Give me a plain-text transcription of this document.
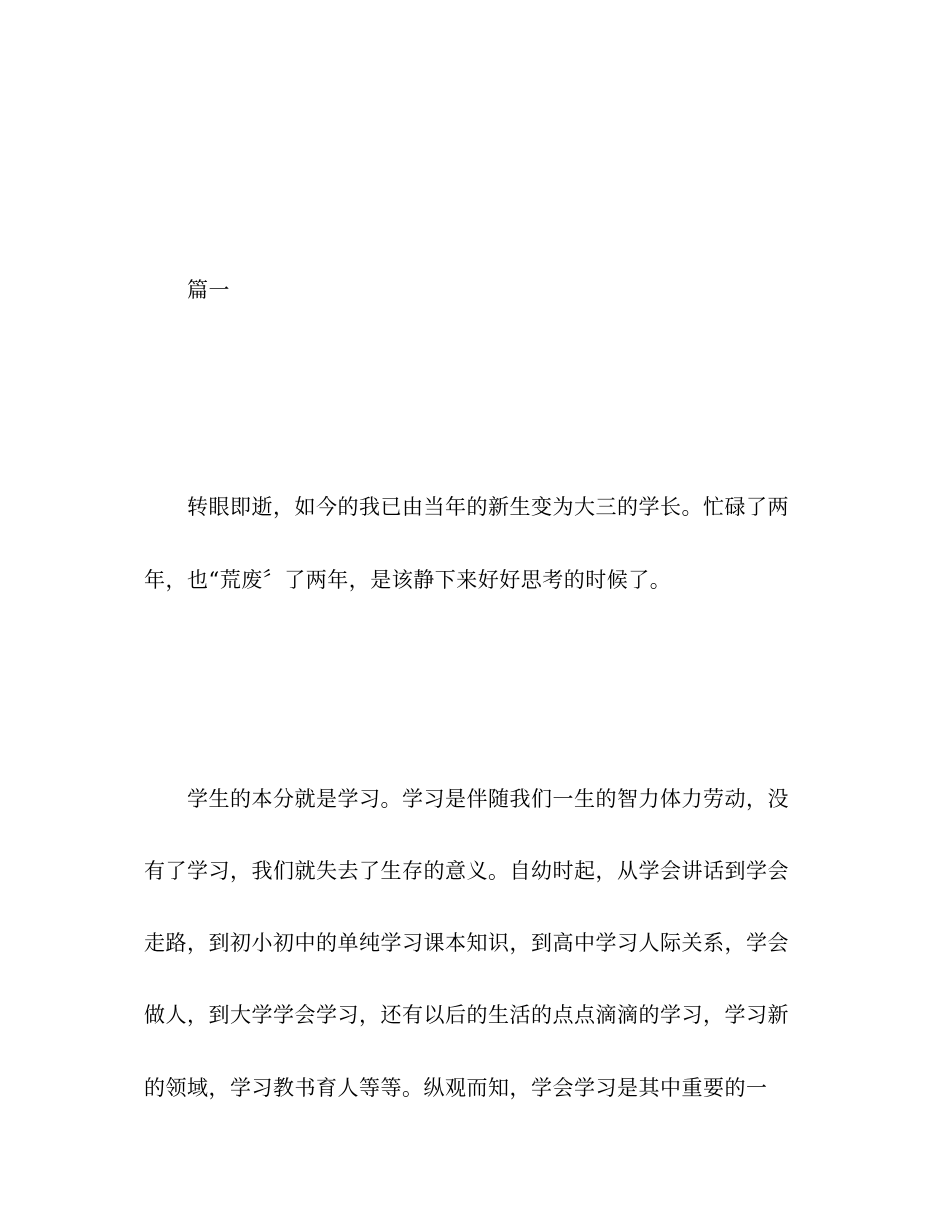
篇一
转眼即逝，如今的我已由当年的新生变为大三的学长。忙碌了两
年，也“荒废〞了两年，是该静下来好好思考的时候了。
学生的本分就是学习。学习是伴随我们一生的智力体力劳动，没
有了学习，我们就失去了生存的意义。自幼时起，从学会讲话到学会
走路，到初小初中的单纯学习课本知识，到高中学习人际关系，学会
做人，到大学学会学习，还有以后的生活的点点滴滴的学习，学习新
的领域，学习教书育人等等。纵观而知，学会学习是其中重要的一
